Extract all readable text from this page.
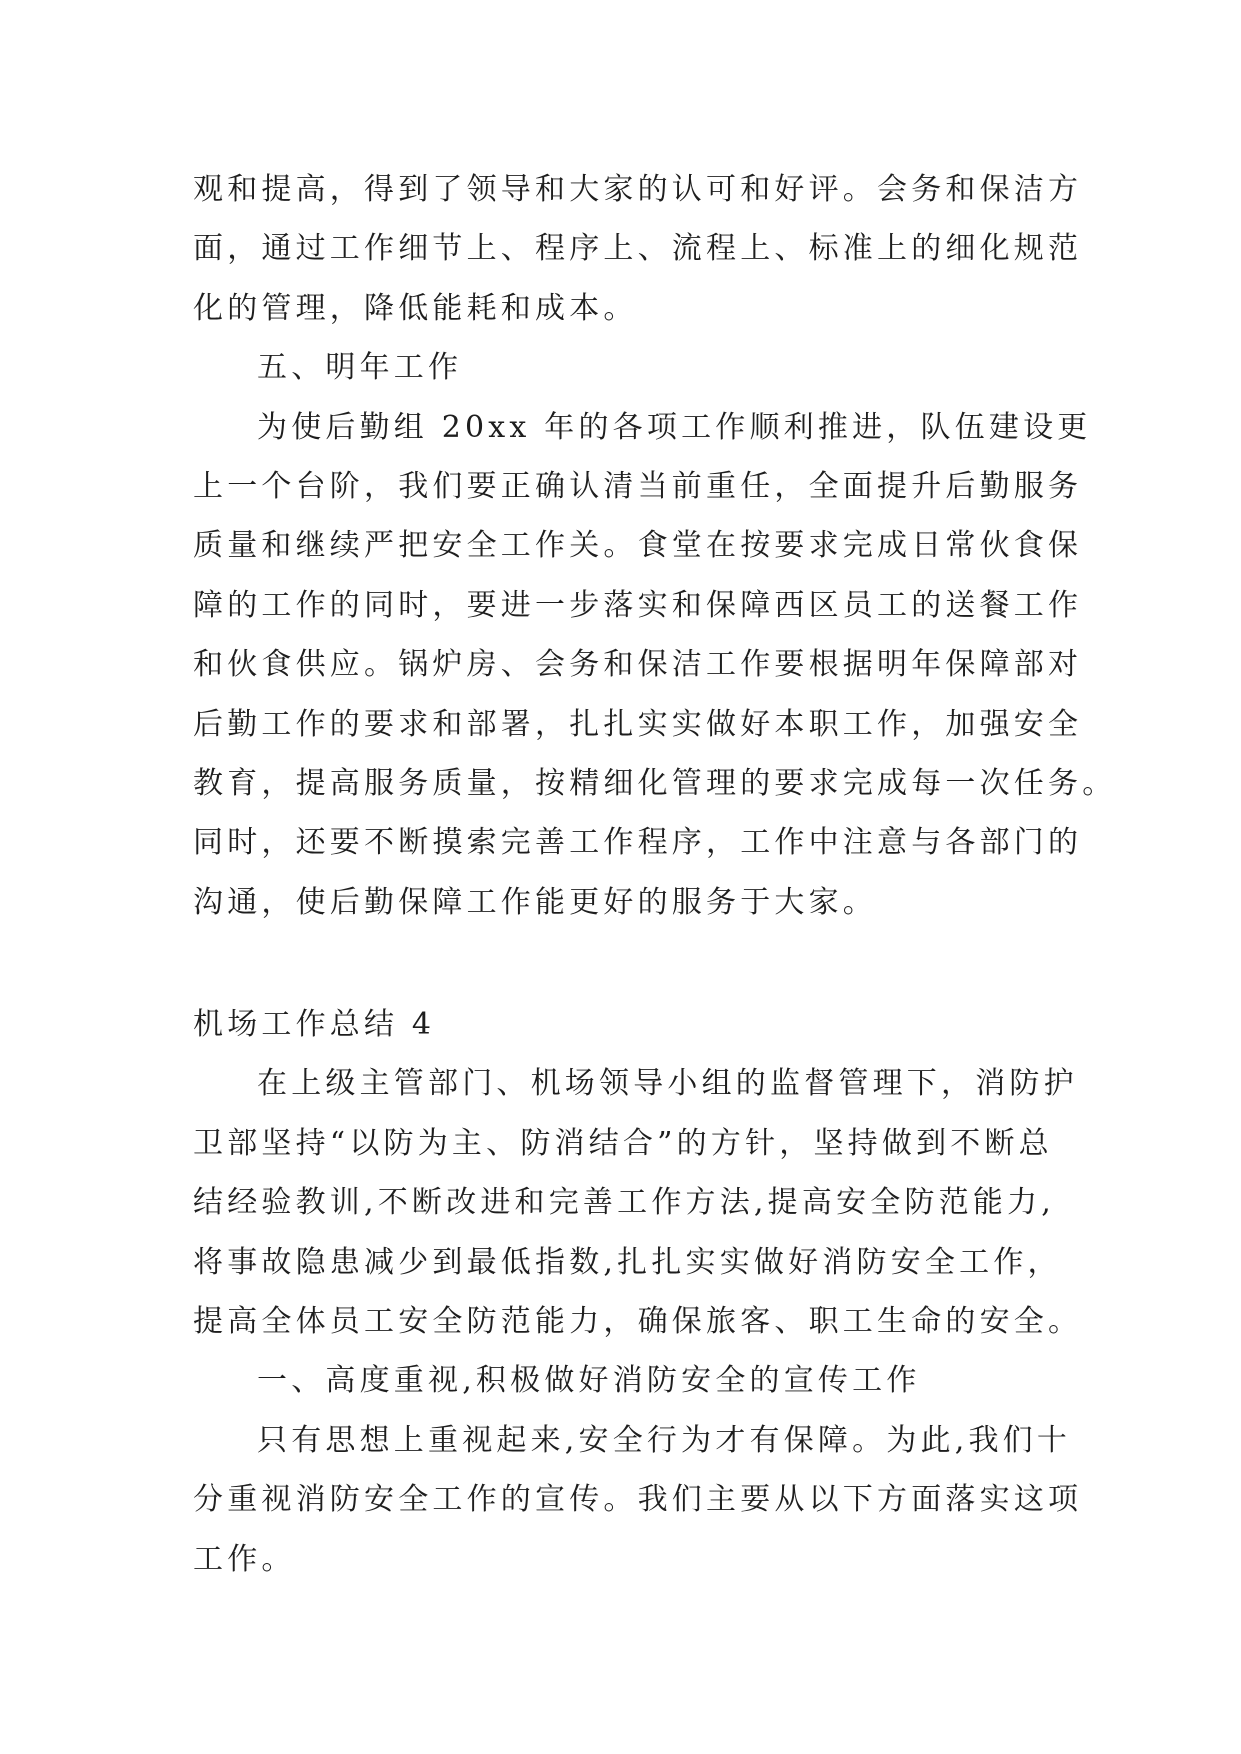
观和提高，得到了领导和大家的认可和好评。会务和保洁方
面，通过工作细节上、程序上、流程上、标准上的细化规范
化的管理，降低能耗和成本。
五、明年工作
为使后勤组 20xx 年的各项工作顺利推进，队伍建设更
上一个台阶，我们要正确认清当前重任，全面提升后勤服务
质量和继续严把安全工作关。食堂在按要求完成日常伙食保
障的工作的同时，要进一步落实和保障西区员工的送餐工作
和伙食供应。锅炉房、会务和保洁工作要根据明年保障部对
后勤工作的要求和部署，扎扎实实做好本职工作，加强安全
教育，提高服务质量，按精细化管理的要求完成每一次任务。
同时，还要不断摸索完善工作程序，工作中注意与各部门的
沟通，使后勤保障工作能更好的服务于大家。
机场工作总结 4
在上级主管部门、机场领导小组的监督管理下，消防护
卫部坚持“以防为主、防消结合”的方针，坚持做到不断总
结经验教训,不断改进和完善工作方法,提高安全防范能力,
将事故隐患减少到最低指数,扎扎实实做好消防安全工作，
提高全体员工安全防范能力，确保旅客、职工生命的安全。
一、高度重视,积极做好消防安全的宣传工作
只有思想上重视起来,安全行为才有保障。为此,我们十
分重视消防安全工作的宣传。我们主要从以下方面落实这项
工作。
